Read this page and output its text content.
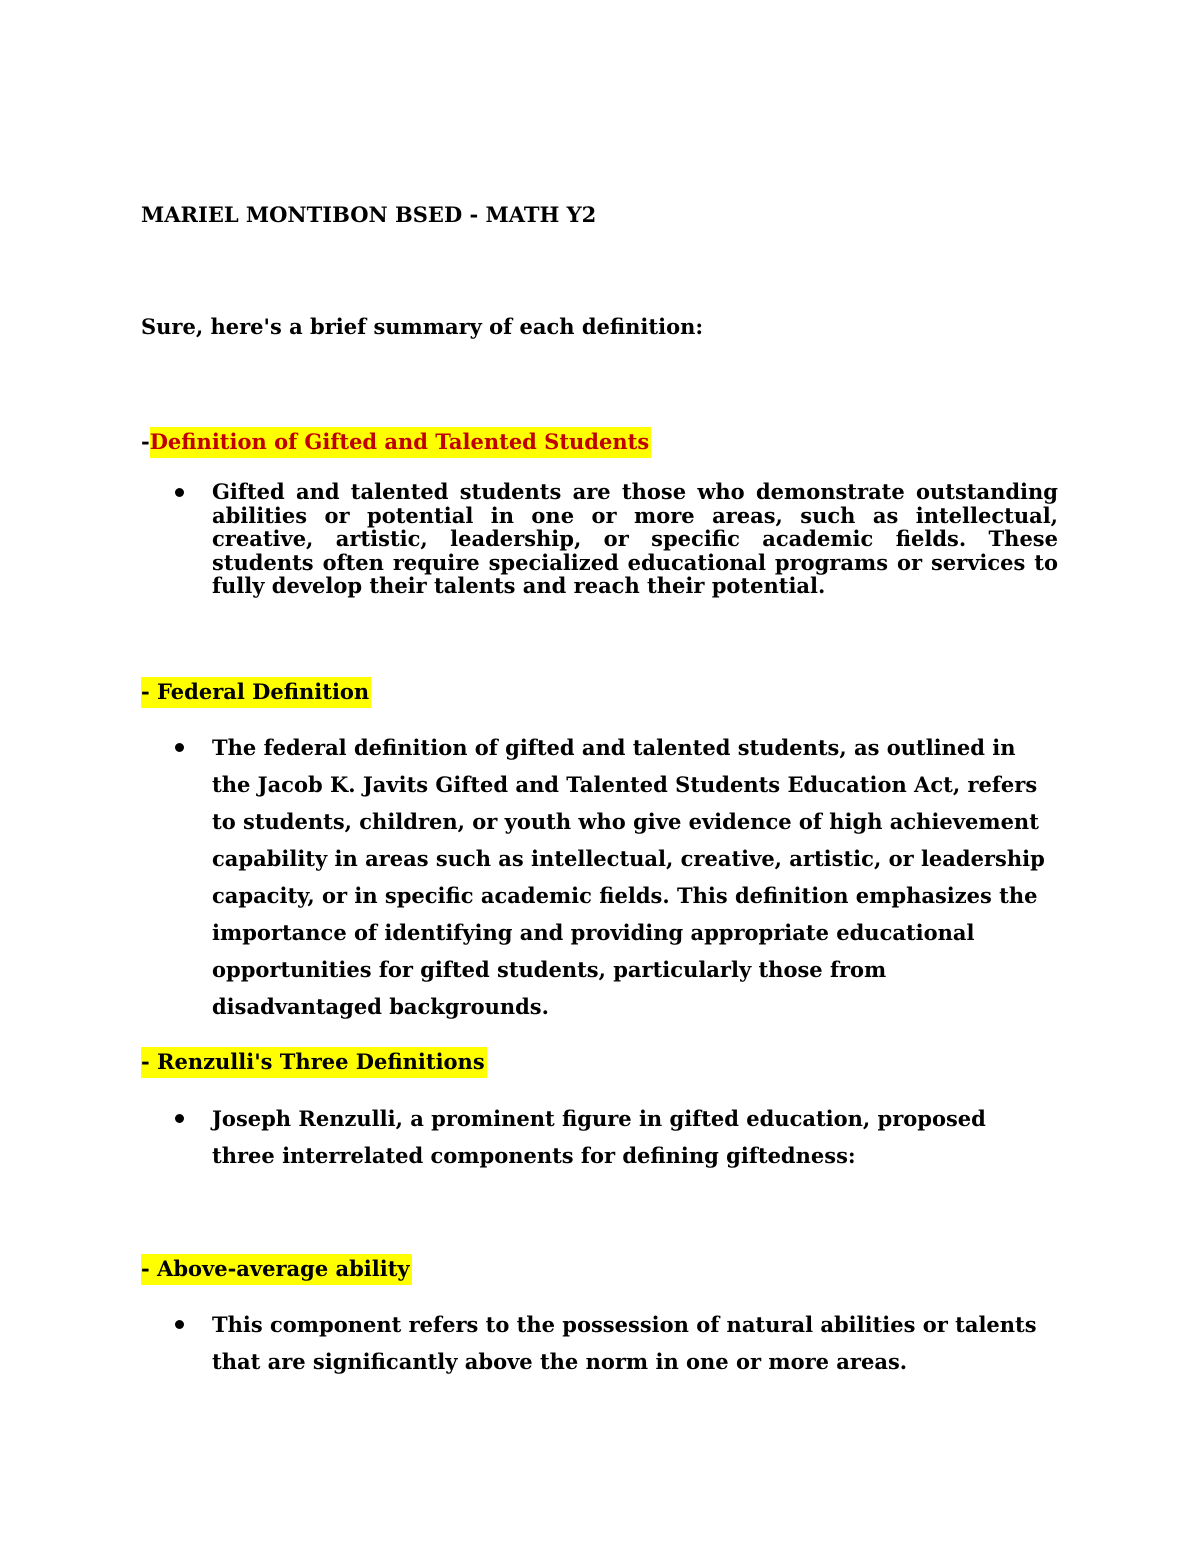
MARIEL MONTIBON BSED - MATH Y2
Sure, here's a brief summary of each definition:
-Definition of Gifted and Talented Students
Gifted and talented students are those who demonstrate outstanding abilities or potential in one or more areas, such as intellectual, creative, artistic, leadership, or specific academic fields. These students often require specialized educational programs or services to fully develop their talents and reach their potential.
- Federal Definition
The federal definition of gifted and talented students, as outlined in the Jacob K. Javits Gifted and Talented Students Education Act, refers to students, children, or youth who give evidence of high achievement capability in areas such as intellectual, creative, artistic, or leadership capacity, or in specific academic fields. This definition emphasizes the importance of identifying and providing appropriate educational opportunities for gifted students, particularly those from disadvantaged backgrounds.
- Renzulli's Three Definitions
Joseph Renzulli, a prominent figure in gifted education, proposed three interrelated components for defining giftedness:
- Above-average ability
This component refers to the possession of natural abilities or talents that are significantly above the norm in one or more areas.
